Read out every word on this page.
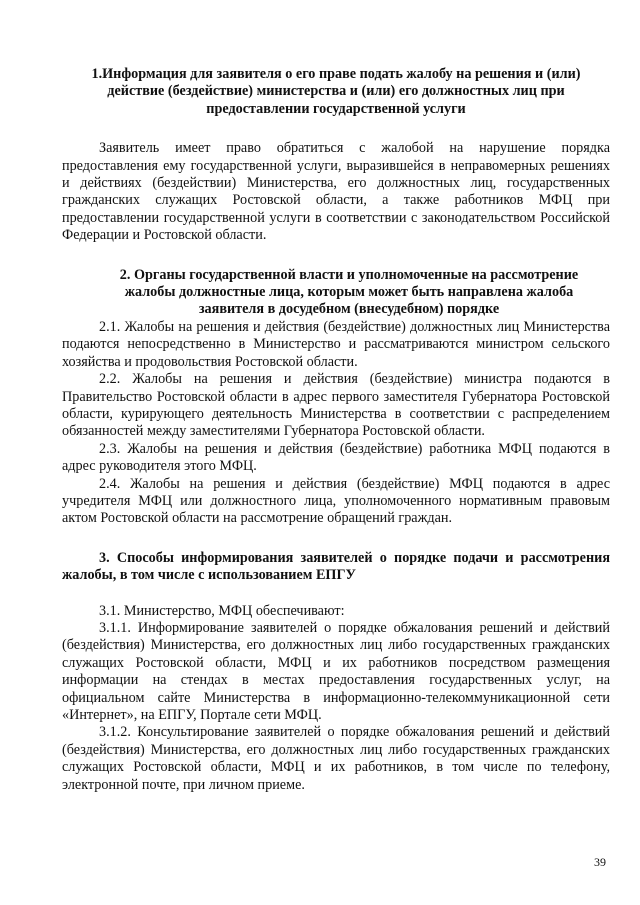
1.Информация для заявителя о его праве подать жалобу на решения и (или) действие (бездействие) министерства и (или) его должностных лиц при предоставлении государственной услуги

Заявитель имеет право обратиться с жалобой на нарушение порядка предоставления ему государственной услуги, выразившейся в неправомерных решениях и действиях (бездействии) Министерства, его должностных лиц, государственных гражданских служащих Ростовской области, а также работников МФЦ при предоставлении государственной услуги в соответствии с законодательством Российской Федерации и Ростовской области.

2. Органы государственной власти и уполномоченные на рассмотрение жалобы должностные лица, которым может быть направлена жалоба заявителя в досудебном (внесудебном) порядке

2.1. Жалобы на решения и действия (бездействие) должностных лиц Министерства подаются непосредственно в Министерство и рассматриваются министром сельского хозяйства и продовольствия Ростовской области.

2.2. Жалобы на решения и действия (бездействие) министра подаются в Правительство Ростовской области в адрес первого заместителя Губернатора Ростовской области, курирующего деятельность Министерства в соответствии с распределением обязанностей между заместителями Губернатора Ростовской области.

2.3. Жалобы на решения и действия (бездействие) работника МФЦ подаются в адрес руководителя этого МФЦ.

2.4. Жалобы на решения и действия (бездействие) МФЦ подаются в адрес учредителя МФЦ или должностного лица, уполномоченного нормативным правовым актом Ростовской области на рассмотрение обращений граждан.

3. Способы информирования заявителей о порядке подачи и рассмотрения жалобы, в том числе с использованием ЕПГУ

3.1. Министерство, МФЦ обеспечивают:

3.1.1. Информирование заявителей о порядке обжалования решений и действий (бездействия) Министерства, его должностных лиц либо государственных гражданских служащих Ростовской области, МФЦ и их работников посредством размещения информации на стендах в местах предоставления государственных услуг, на официальном сайте Министерства в информационно-телекоммуникационной сети «Интернет», на ЕПГУ, Портале сети МФЦ.

3.1.2. Консультирование заявителей о порядке обжалования решений и действий (бездействия) Министерства, его должностных лиц либо государственных гражданских служащих Ростовской области, МФЦ и их работников, в том числе по телефону, электронной почте, при личном приеме.

39
